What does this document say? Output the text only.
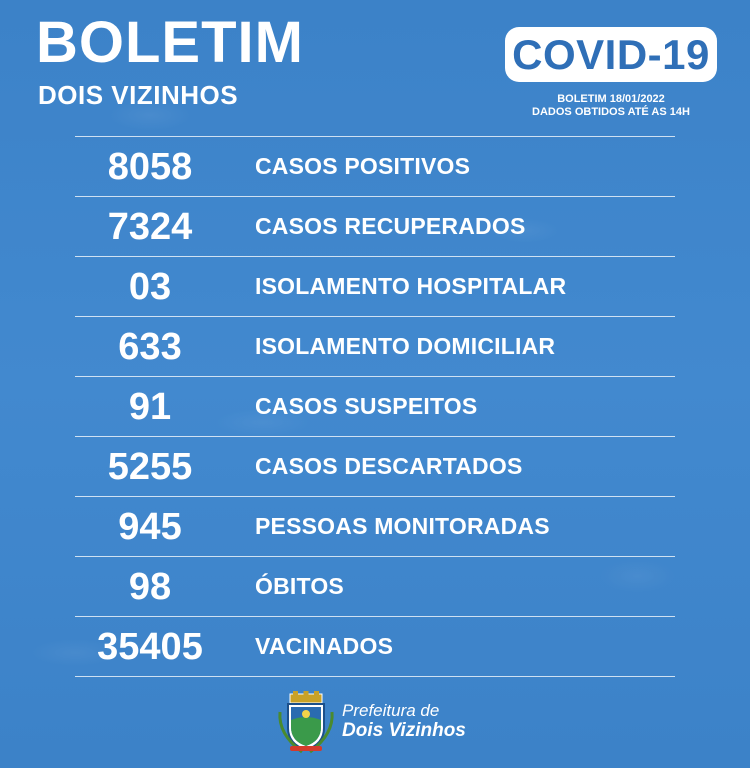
BOLETIM
DOIS VIZINHOS
COVID-19
BOLETIM 18/01/2022
DADOS OBTIDOS ATÉ AS 14H
8058	CASOS POSITIVOS
7324	CASOS RECUPERADOS
03	ISOLAMENTO HOSPITALAR
633	ISOLAMENTO DOMICILIAR
91	CASOS SUSPEITOS
5255	CASOS DESCARTADOS
945	PESSOAS MONITORADAS
98	ÓBITOS
35405	VACINADOS
Prefeitura de
Dois Vizinhos
